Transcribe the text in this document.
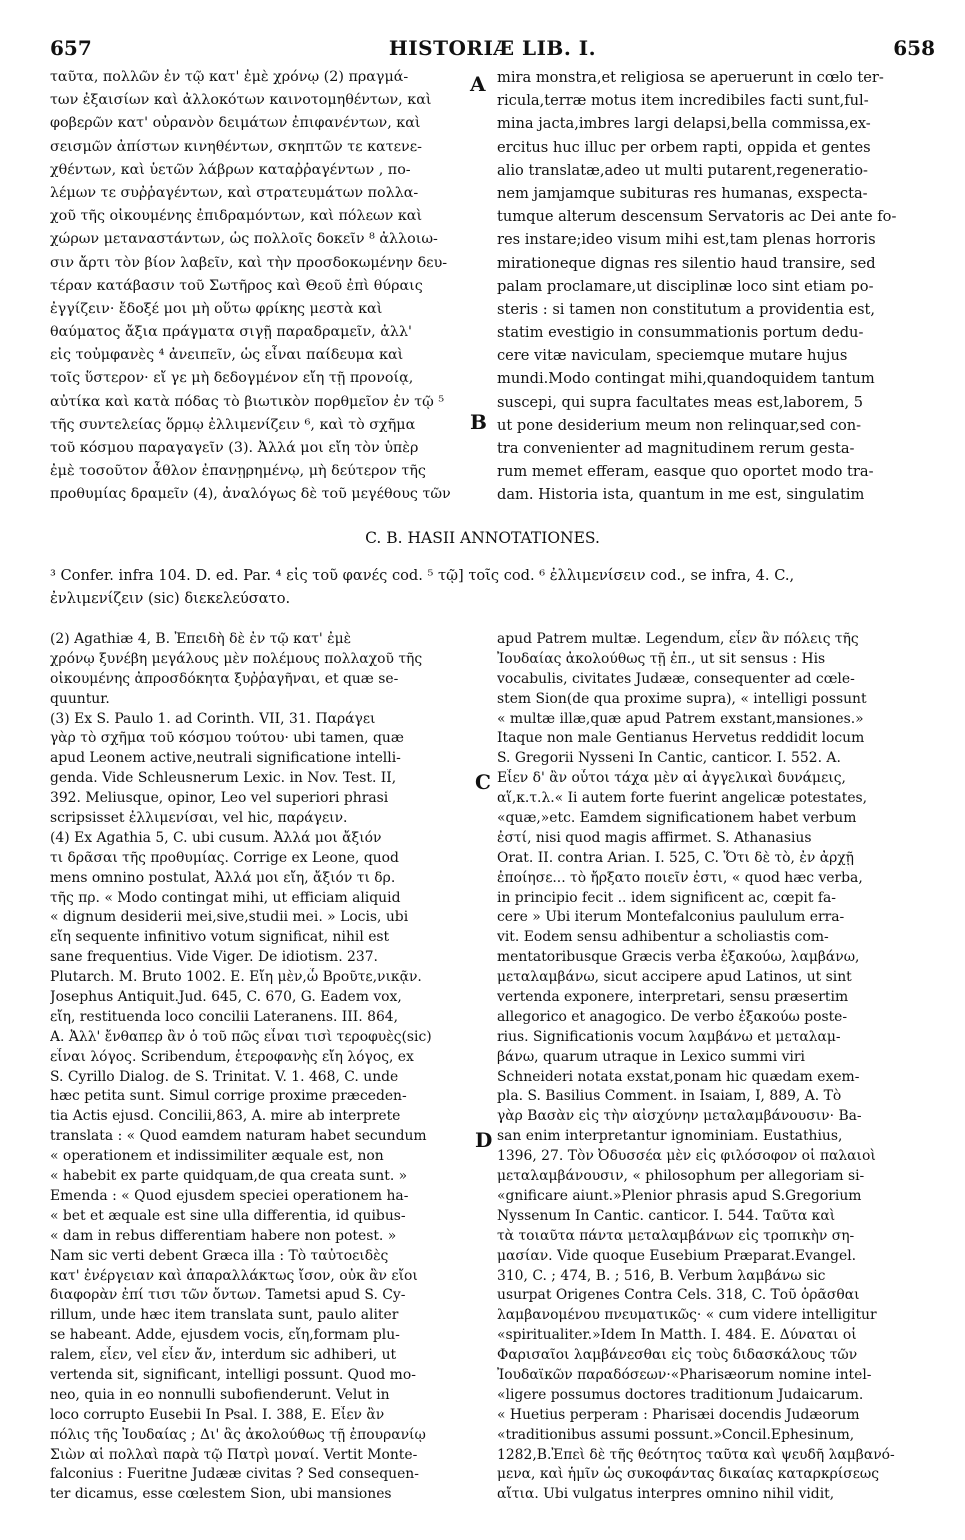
657	HISTORIÆ LIB. I.	658
ταῦτα, πολλῶν ἐν τῷ κατ' ἐμὲ χρόνῳ (2) πραγμά-
των ἐξαισίων καὶ ἀλλοκότων καινοτομηθέντων, καὶ
φοβερῶν κατ' οὐρανὸν δειμάτων ἐπιφανέντων, καὶ
σεισμῶν ἀπίστων κινηθέντων, σκηπτῶν τε κατενε-
χθέντων, καὶ ὑετῶν λάβρων καταῤῥαγέντων , πο-
λέμων τε συῤῥαγέντων, καὶ στρατευμάτων πολλα-
χοῦ τῆς οἰκουμένης ἐπιδραμόντων, καὶ πόλεων καὶ
χώρων μεταναστάντων, ὡς πολλοῖς δοκεῖν ⁸ ἀλλοιω-
σιν ἄρτι τὸν βίον λαβεῖν, καὶ τὴν προσδοκωμένην δευ-
τέραν κατάβασιν τοῦ Σωτῆρος καὶ Θεοῦ ἐπὶ θύραις
ἐγγίζειν· ἔδοξέ μοι μὴ οὕτω φρίκης μεστὰ καὶ
θαύματος ἄξια πράγματα σιγῇ παραδραμεῖν, ἀλλ'
εἰς τοὐμφανὲς ⁴ ἀνειπεῖν, ὡς εἶναι παίδευμα καὶ
τοῖς ὕστερον· εἴ γε μὴ δεδογμένον εἴη τῇ προνοίᾳ,
αὐτίκα καὶ κατὰ πόδας τὸ βιωτικὸν πορθμεῖον ἐν τῷ ⁵
τῆς συντελείας ὅρμῳ ἐλλιμενίζειν ⁶, καὶ τὸ σχῆμα
τοῦ κόσμου παραγαγεῖν (3). Ἀλλά μοι εἴη τὸν ὑπὲρ
ἐμὲ τοσοῦτον ἆθλον ἐπανῃρημένῳ, μὴ δεύτερον τῆς
προθυμίας δραμεῖν (4), ἀναλόγως δὲ τοῦ μεγέθους τῶν
mira monstra,et religiosa se aperuerunt in cœlo ter-
ricula,terræ motus item incredibiles facti sunt,ful-
mina jacta,imbres largi delapsi,bella commissa,ex-
ercitus huc illuc per orbem rapti, oppida et gentes
alio translatæ,adeo ut multi putarent,regeneratio-
nem jamjamque subituras res humanas, exspecta-
tumque alterum descensum Servatoris ac Dei ante fo-
res instare;ideo visum mihi est,tam plenas horroris
mirationeque dignas res silentio haud transire, sed
palam proclamare,ut disciplinæ loco sint etiam po-
steris : si tamen non constitutum a providentia est,
statim evestigio in consummationis portum dedu-
cere vitæ naviculam, speciemque mutare hujus
mundi.Modo contingat mihi,quandoquidem tantum
suscepi, qui supra facultates meas est,laborem, 5
ut pone desiderium meum non relinquar,sed con-
tra convenienter ad magnitudinem rerum gesta-
rum memet efferam, easque quo oportet modo tra-
dam. Historia ista, quantum in me est, singulatim
A
B
C
D
C. B. HASII ANNOTATIONES.
³ Confer. infra 104. D. ed. Par. ⁴ εἰς τοῦ φανές cod. ⁵ τῷ] τοῖς cod. ⁶ ἐλλιμενίσειν cod., se infra, 4. C.,
ἐνλιμενίζειν (sic) διεκελεύσατο.
(2) Agathiæ 4, B. Ἐπειδὴ δὲ ἐν τῷ κατ' ἐμὲ
χρόνῳ ξυνέβη μεγάλους μὲν πολέμους πολλαχοῦ τῆς
οἰκουμένης ἀπροσδόκητα ξυῤῥαγῆναι, et quæ se-
quuntur.
(3) Ex S. Paulo 1. ad Corinth. VII, 31. Παράγει
γὰρ τὸ σχῆμα τοῦ κόσμου τούτου· ubi tamen, quæ
apud Leonem active,neutrali significatione intelli-
genda. Vide Schleusnerum Lexic. in Nov. Test. II,
392. Meliusque, opinor, Leo vel superiori phrasi
scripsisset ἐλλιμενίσαι, vel hic, παράγειν.
(4) Ex Agathia 5, C. ubi cusum. Ἀλλά μοι ἄξιόν
τι δρᾶσαι τῆς προθυμίας. Corrige ex Leone, quod
mens omnino postulat, Ἀλλά μοι εἴη, ἄξιόν τι δρ.
τῆς πρ. « Modo contingat mihi, ut efficiam aliquid
« dignum desiderii mei,sive,studii mei. » Locis, ubi
εἴη sequente infinitivo votum significat, nihil est
sane frequentius. Vide Viger. De idiotism. 237.
Plutarch. M. Bruto 1002. E. Εἴη μὲν,ὦ Βροῦτε,νικᾷν.
Josephus Antiquit.Jud. 645, C. 670, G. Eadem vox,
εἴη, restituenda loco concilii Lateranens. III. 864,
A. Ἀλλ' ἔνθαπερ ἂν ὁ τοῦ πῶς εἶναι τισὶ τεροφυὲς(sic)
εἶναι λόγος. Scribendum, ἑτεροφανὴς εἴη λόγος, ex
S. Cyrillo Dialog. de S. Trinitat. V. 1. 468, C. unde
hæc petita sunt. Simul corrige proxime præceden-
tia Actis ejusd. Concilii,863, A. mire ab interprete
translata : « Quod eamdem naturam habet secundum
« operationem et indissimiliter æquale est, non
« habebit ex parte quidquam,de qua creata sunt. »
Emenda : « Quod ejusdem speciei operationem ha-
« bet et æquale est sine ulla differentia, id quibus-
« dam in rebus differentiam habere non potest. »
Nam sic verti debent Græca illa : Τὸ ταὐτοειδὲς
κατ' ἐνέργειαν καὶ ἀπαραλλάκτως ἴσον, οὐκ ἂν εἴοι
διαφορὰν ἐπί τισι τῶν ὄντων. Tametsi apud S. Cy-
rillum, unde hæc item translata sunt, paulo aliter
se habeant. Adde, ejusdem vocis, εἴη,formam plu-
ralem, εἶεν, vel εἶεν ἄν, interdum sic adhiberi, ut
vertenda sit, significant, intelligi possunt. Quod mo-
neo, quia in eo nonnulli subofienderunt. Velut in
loco corrupto Eusebii In Psal. I. 388, E. Εἶεν ἂν
πόλις τῆς Ἰουδαίας ; Δι' ἃς ἀκολούθως τῇ ἐπουρανίῳ
Σιὼν αἱ πολλαὶ παρὰ τῷ Πατρὶ μοναί. Vertit Monte-
falconius : Fueritne Judææ civitas ? Sed consequen-
ter dicamus, esse cœlestem Sion, ubi mansiones
apud Patrem multæ. Legendum, εἶεν ἂν πόλεις τῆς
Ἰουδαίας ἀκολούθως τῇ ἐπ., ut sit sensus : His
vocabulis, civitates Judææ, consequenter ad cœle-
stem Sion(de qua proxime supra), « intelligi possunt
« multæ illæ,quæ apud Patrem exstant,mansiones.»
Itaque non male Gentianus Hervetus reddidit locum
S. Gregorii Nysseni In Cantic, canticor. I. 552. A.
Εἶεν δ' ἂν οὗτοι τάχα μὲν αἱ ἀγγελικαὶ δυνάμεις,
αἵ,κ.τ.λ.« Ii autem forte fuerint angelicæ potestates,
«quæ,»etc. Eamdem significationem habet verbum
ἐστί, nisi quod magis affirmet. S. Athanasius
Orat. II. contra Arian. I. 525, C. Ὅτι δὲ τὸ, ἐν ἀρχῇ
ἐποίησε... τὸ ἤρξατο ποιεῖν ἐστι, « quod hæc verba,
in principio fecit .. idem significent ac, cœpit fa-
cere » Ubi iterum Montefalconius paululum erra-
vit. Eodem sensu adhibentur a scholiastis com-
mentatoribusque Græcis verba ἐξακούω, λαμβάνω,
μεταλαμβάνω, sicut accipere apud Latinos, ut sint
vertenda exponere, interpretari, sensu præsertim
allegorico et anagogico. De verbo ἐξακούω poste-
rius. Significationis vocum λαμβάνω et μεταλαμ-
βάνω, quarum utraque in Lexico summi viri
Schneideri notata exstat,ponam hic quædam exem-
pla. S. Basilius Comment. in Isaiam, I, 889, A. Τὸ
γὰρ Βασὰν εἰς τὴν αἰσχύνην μεταλαμβάνουσιν· Ba-
san enim interpretantur ignominiam. Eustathius,
1396, 27. Τὸν Ὀδυσσέα μὲν εἰς φιλόσοφον οἱ παλαιοὶ
μεταλαμβάνουσιν, « philosophum per allegoriam si-
«gnificare aiunt.»Plenior phrasis apud S.Gregorium
Nyssenum In Cantic. canticor. I. 544. Ταῦτα καὶ
τὰ τοιαῦτα πάντα μεταλαμβάνων εἰς τροπικὴν ση-
μασίαν. Vide quoque Eusebium Præparat.Evangel.
310, C. ; 474, B. ; 516, B. Verbum λαμβάνω sic
usurpat Origenes Contra Cels. 318, C. Τοῦ ὁρᾶσθαι
λαμβανομένου πνευματικῶς· « cum videre intelligitur
«spiritualiter.»Idem In Matth. I. 484. E. Δύναται οἱ
Φαρισαῖοι λαμβάνεσθαι εἰς τοὺς διδασκάλους τῶν
Ἰουδαϊκῶν παραδόσεων·«Pharisæorum nomine intel-
«ligere possumus doctores traditionum Judaicarum.
« Huetius perperam : Pharisæi docendis Judæorum
«traditionibus assumi possunt.»Concil.Ephesinum,
1282,B.Ἐπεὶ δὲ τῆς θεότητος ταῦτα καὶ ψευδῆ λαμβανό-
μενα, καὶ ἡμῖν ὡς συκοφάντας δικαίας καταρκρίσεως
αἴτια. Ubi vulgatus interpres omnino nihil vidit,
